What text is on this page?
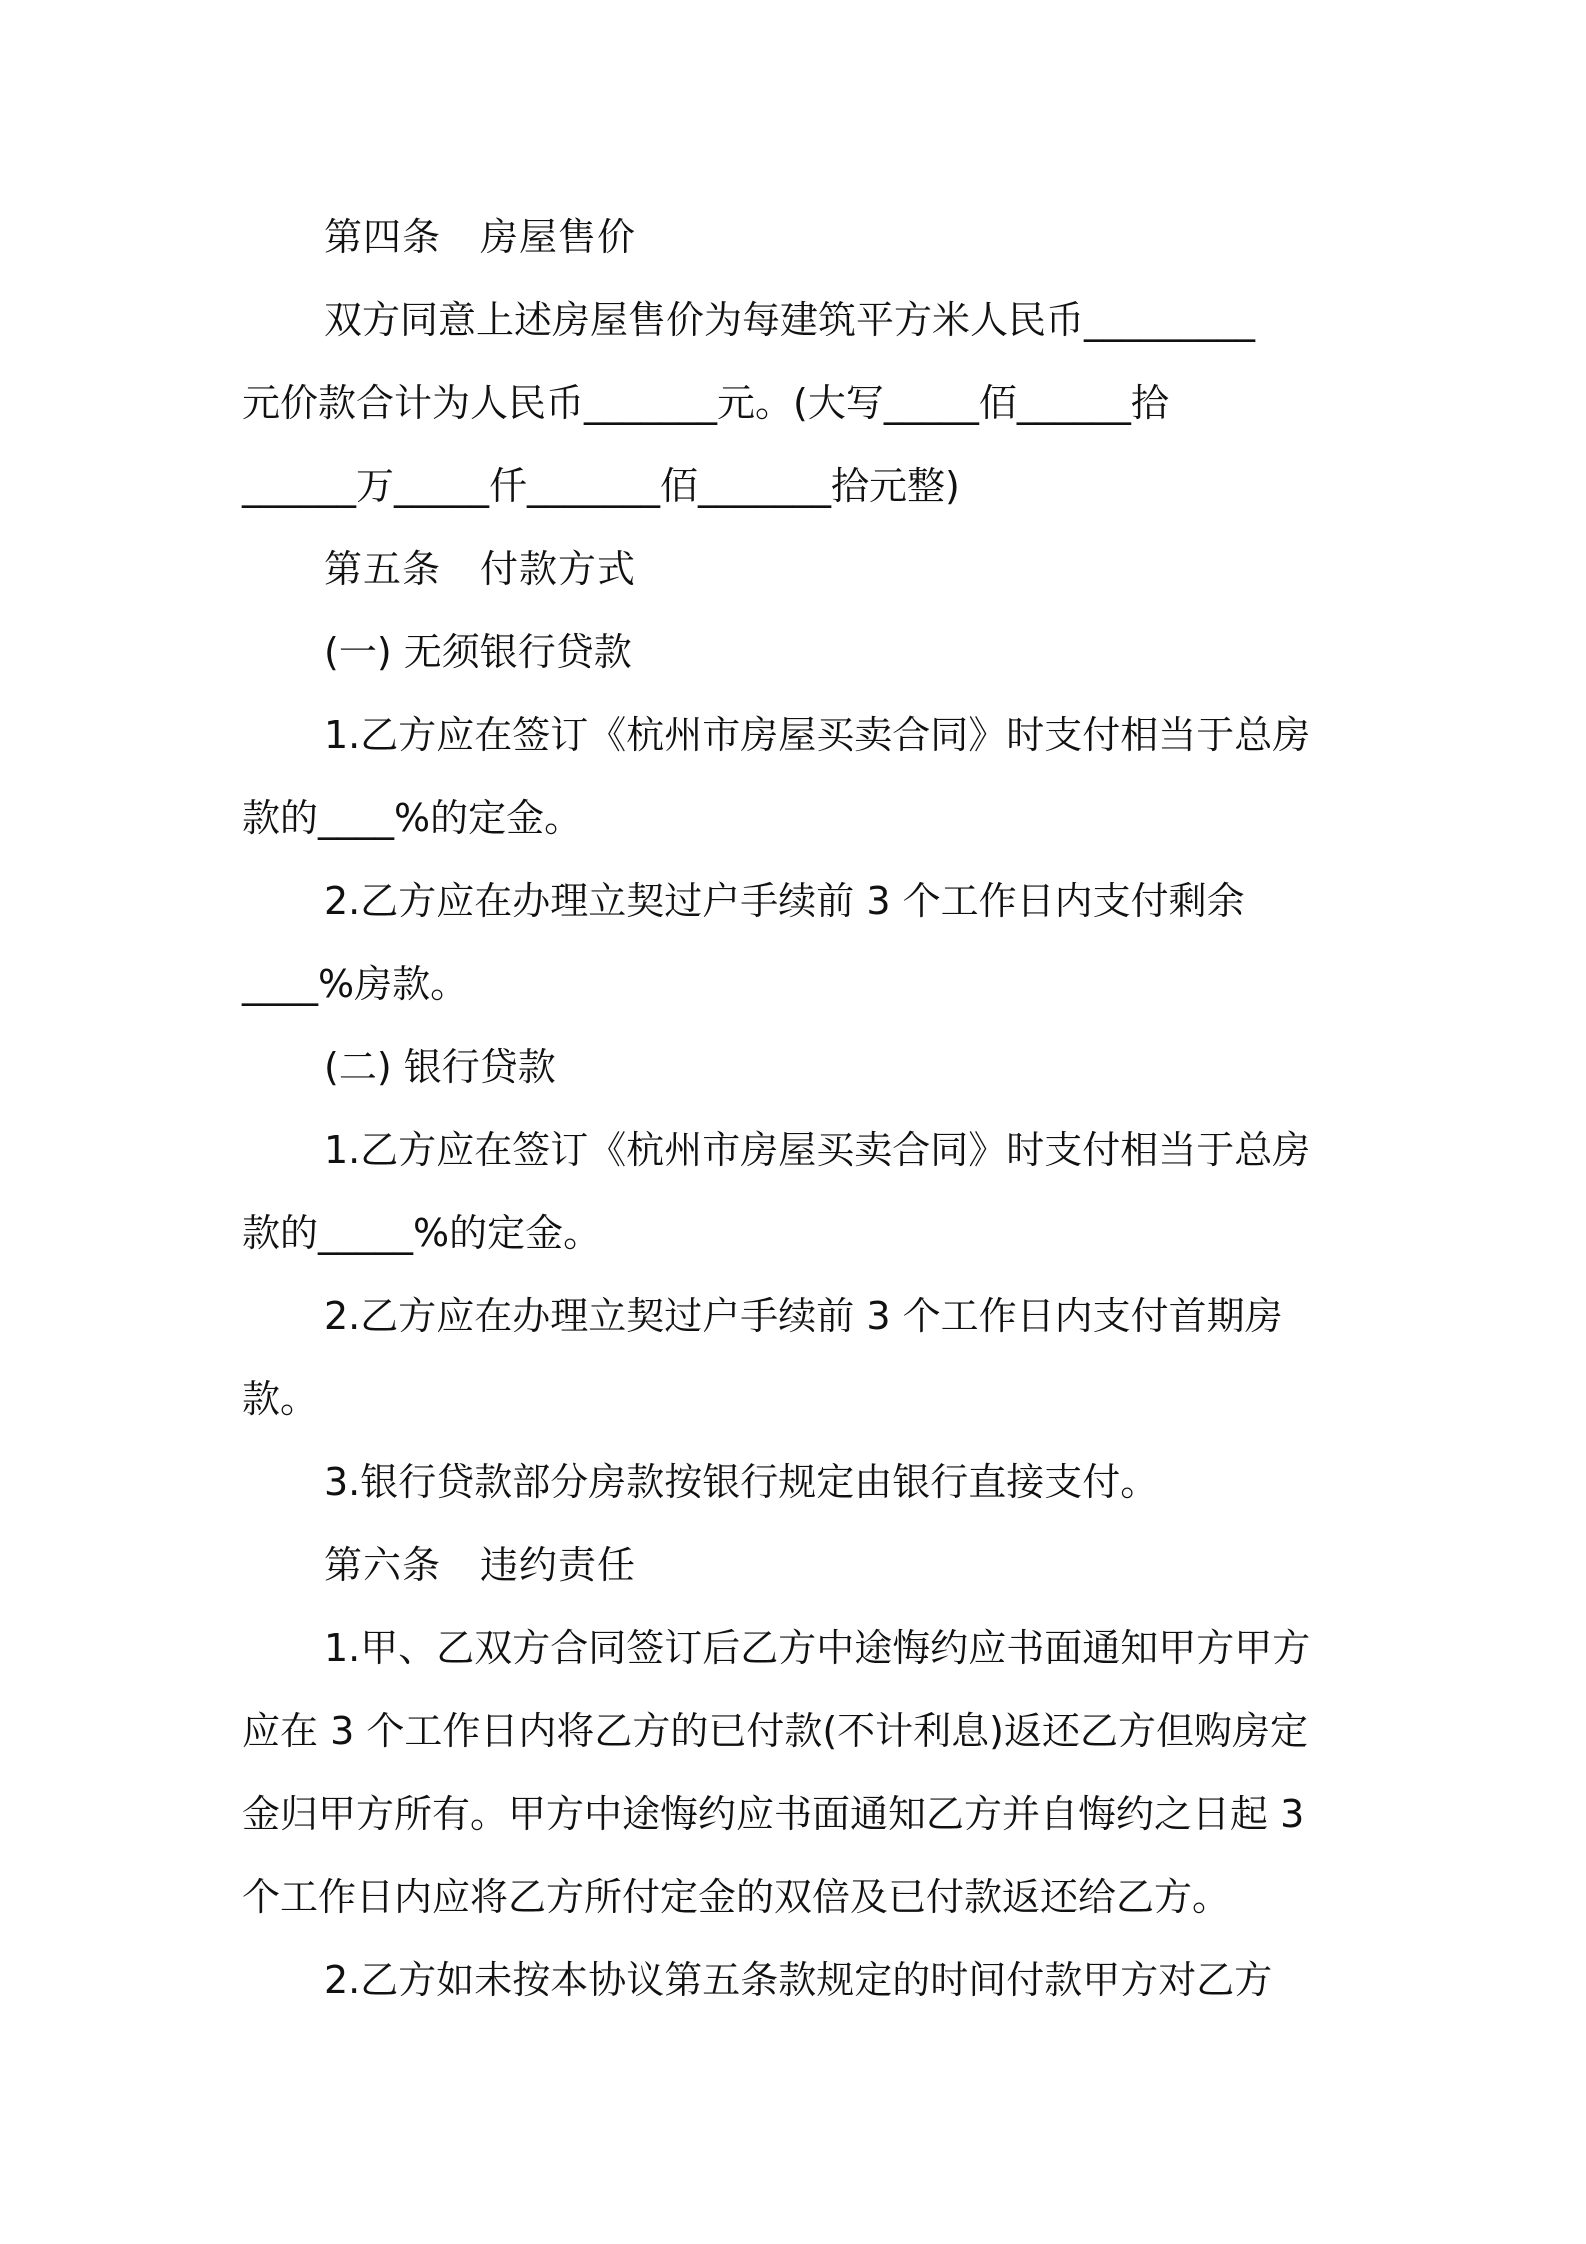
第四条　房屋售价
双方同意上述房屋售价为每建筑平方米人民币_________
元价款合计为人民币_______元。(大写_____佰______拾
______万_____仟_______佰_______拾元整)
第五条　付款方式
(一) 无须银行贷款
1.乙方应在签订《杭州市房屋买卖合同》时支付相当于总房
款的____%的定金。
2.乙方应在办理立契过户手续前 3 个工作日内支付剩余
____%房款。
(二) 银行贷款
1.乙方应在签订《杭州市房屋买卖合同》时支付相当于总房
款的_____%的定金。
2.乙方应在办理立契过户手续前 3 个工作日内支付首期房
款。
3.银行贷款部分房款按银行规定由银行直接支付。
第六条　违约责任
1.甲、乙双方合同签订后乙方中途悔约应书面通知甲方甲方
应在 3 个工作日内将乙方的已付款(不计利息)返还乙方但购房定
金归甲方所有。甲方中途悔约应书面通知乙方并自悔约之日起 3
个工作日内应将乙方所付定金的双倍及已付款返还给乙方。
2.乙方如未按本协议第五条款规定的时间付款甲方对乙方
